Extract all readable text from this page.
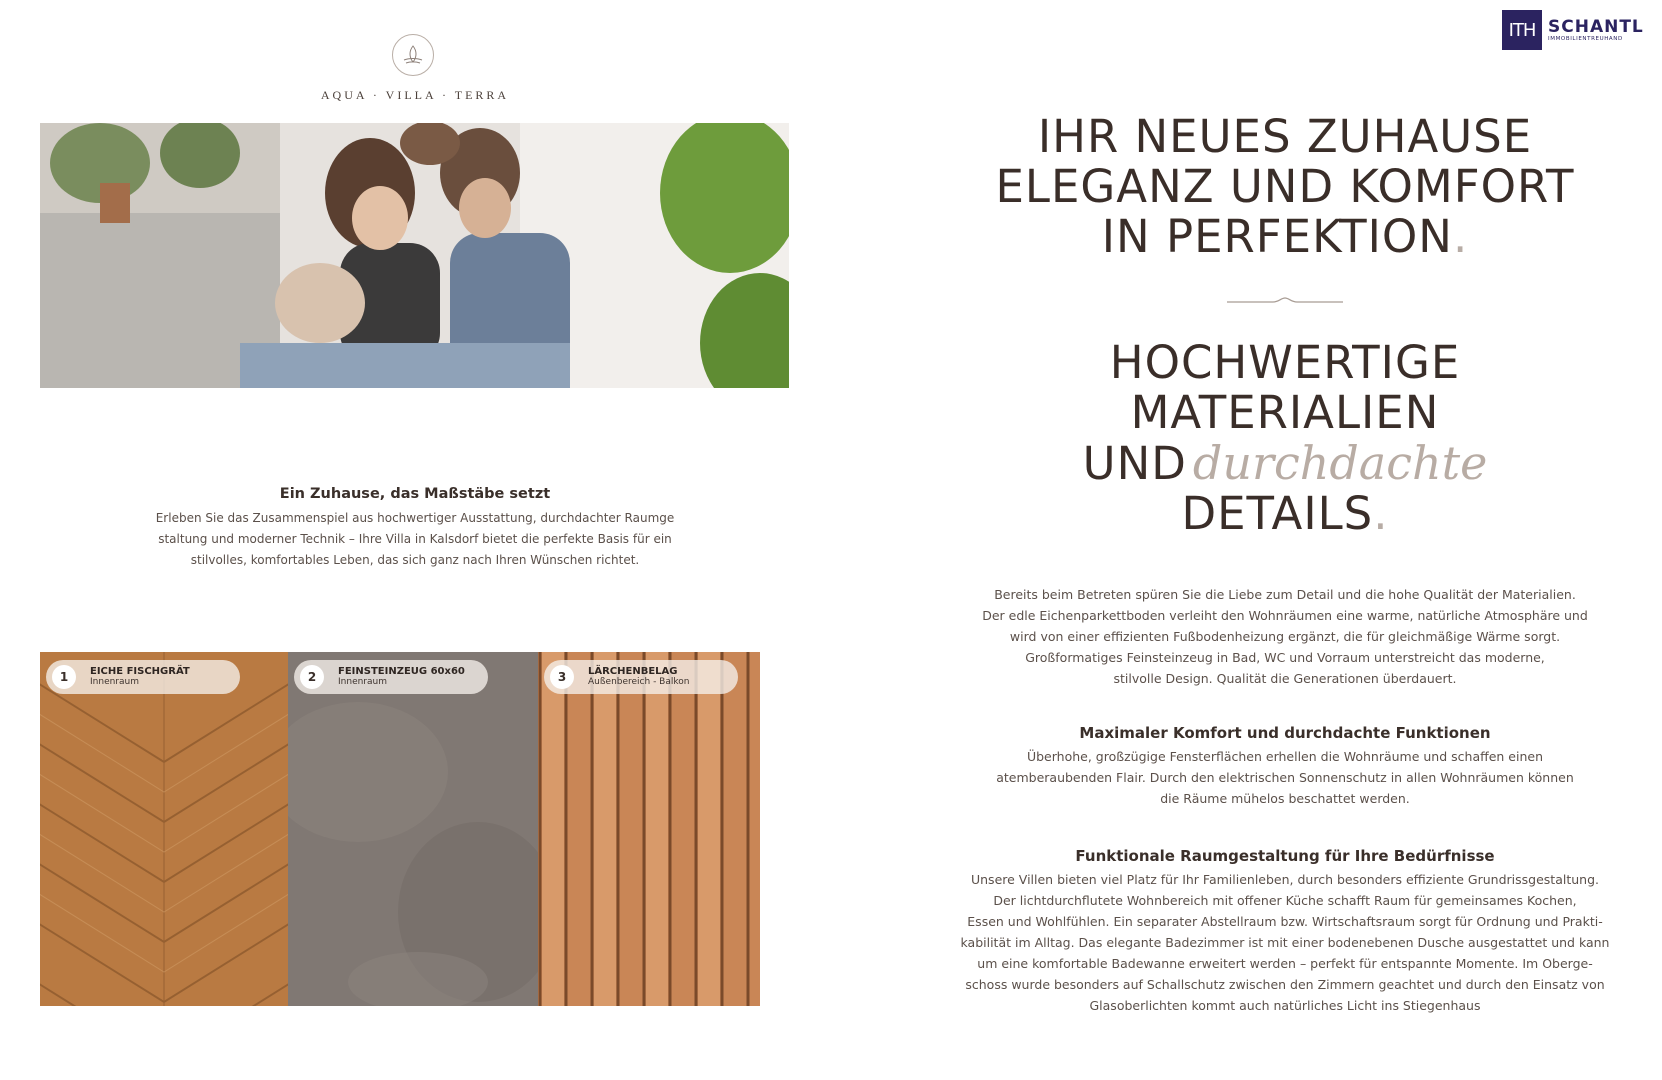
AQUA · VILLA · TERRA
Ein Zuhause, das Maßstäbe setzt
Erleben Sie das Zusammenspiel aus hochwertiger Ausstattung, durchdachter Raumge
staltung und moderner Technik – Ihre Villa in Kalsdorf bietet die perfekte Basis für ein
stilvolles, komfortables Leben, das sich ganz nach Ihren Wünschen richtet.
1	EICHE FISCHGRÄT
Innenraum	2	FEINSTEINZEUG 60x60
Innenraum	3	LÄRCHENBELAG
Außenbereich - Balkon
ITH SCHANTL
IMMOBILIENTREUHAND
IHR NEUES ZUHAUSE
ELEGANZ UND KOMFORT
IN PERFEKTION.
HOCHWERTIGE
MATERIALIEN
UND durchdachte
DETAILS.
Bereits beim Betreten spüren Sie die Liebe zum Detail und die hohe Qualität der Materialien.
Der edle Eichenparkettboden verleiht den Wohnräumen eine warme, natürliche Atmosphäre und
wird von einer effizienten Fußbodenheizung ergänzt, die für gleichmäßige Wärme sorgt.
Großformatiges Feinsteinzeug in Bad, WC und Vorraum unterstreicht das moderne,
stilvolle Design. Qualität die Generationen überdauert.
Maximaler Komfort und durchdachte Funktionen
Überhohe, großzügige Fensterflächen erhellen die Wohnräume und schaffen einen
atemberaubenden Flair. Durch den elektrischen Sonnenschutz in allen Wohnräumen können
die Räume mühelos beschattet werden.
Funktionale Raumgestaltung für Ihre Bedürfnisse
Unsere Villen bieten viel Platz für Ihr Familienleben, durch besonders effiziente Grundrissgestaltung.
Der lichtdurchflutete Wohnbereich mit offener Küche schafft Raum für gemeinsames Kochen,
Essen und Wohlfühlen. Ein separater Abstellraum bzw. Wirtschaftsraum sorgt für Ordnung und Prakti-
kabilität im Alltag. Das elegante Badezimmer ist mit einer bodenebenen Dusche ausgestattet und kann
um eine komfortable Badewanne erweitert werden – perfekt für entspannte Momente. Im Oberge-
schoss wurde besonders auf Schallschutz zwischen den Zimmern geachtet und durch den Einsatz von
Glasoberlichten kommt auch natürliches Licht ins Stiegenhaus
